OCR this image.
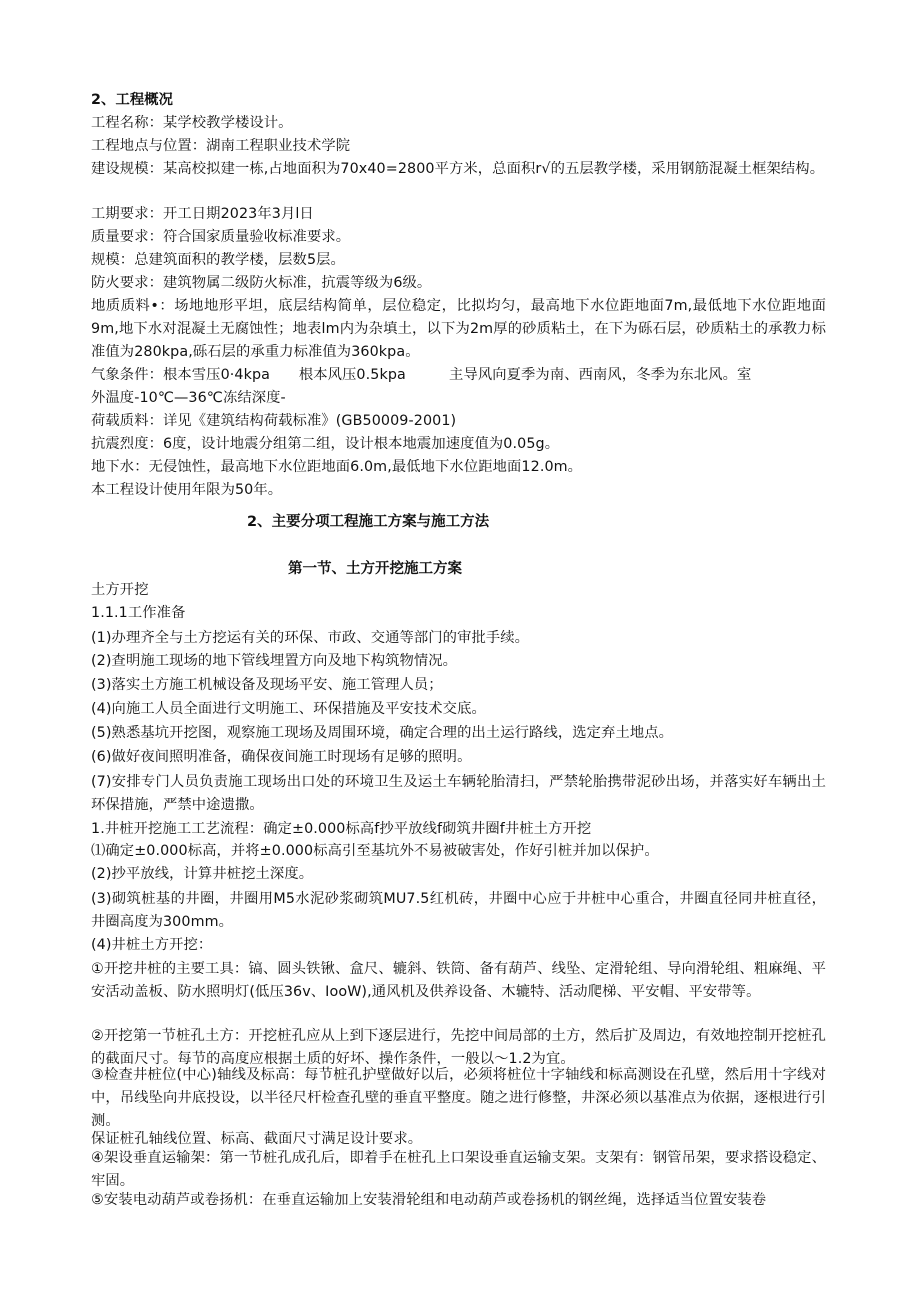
2、工程概况
工程名称：某学校教学楼设计。
工程地点与位置：湖南工程职业技术学院
建设规模：某高校拟建一栋,占地面积为70x40=2800平方米，总面积r√的五层教学楼，采用钢筋混凝土框架结构。
工期要求：开工日期2023年3月l日
质量要求：符合国家质量验收标准要求。
规模：总建筑面积的教学楼，层数5层。
防火要求：建筑物属二级防火标准，抗震等级为6级。
地质质料•：场地地形平坦，底层结构简单，层位稳定，比拟均匀，最高地下水位距地面7m,最低地下水位距地面9m,地下水对混凝土无腐蚀性；地表lm内为杂填土，以下为2m厚的砂质粘土，在下为砾石层，砂质粘土的承教力标准值为280kpa,砾石层的承重力标准值为360kpa。
气象条件：根本雪压0·4kpa　　根本风压0.5kpa　　　主导风向夏季为南、西南风，冬季为东北风。室
外温度-10℃—36℃冻结深度-
荷载质料：详见《建筑结构荷载标准》(GB50009-2001)
抗震烈度：6度，设计地震分组第二组，设计根本地震加速度值为0.05g。
地下水：无侵蚀性，最高地下水位距地面6.0m,最低地下水位距地面12.0m。
本工程设计使用年限为50年。
2、主要分项工程施工方案与施工方法
第一节、土方开挖施工方案
土方开挖
1.1.1工作准备
(1)办理齐全与土方挖运有关的环保、市政、交通等部门的审批手续。
(2)查明施工现场的地下管线埋置方向及地下构筑物情况。
(3)落实土方施工机械设备及现场平安、施工管理人员；
(4)向施工人员全面进行文明施工、环保措施及平安技术交底。
(5)熟悉基坑开挖图，观察施工现场及周围环境，确定合理的出土运行路线，选定弃土地点。
(6)做好夜间照明准备，确保夜间施工时现场有足够的照明。
(7)安排专门人员负责施工现场出口处的环境卫生及运土车辆轮胎清扫，严禁轮胎携带泥砂出场，并落实好车辆出土环保措施，严禁中途遗撒。
1.井桩开挖施工工艺流程：确定±0.000标高f抄平放线f砌筑井圈f井桩土方开挖
⑴确定±0.000标高，并将±0.000标高引至基坑外不易被破害处，作好引桩并加以保护。
(2)抄平放线，计算井桩挖土深度。
(3)砌筑桩基的井圈，井圈用M5水泥砂浆砌筑MU7.5红机砖，井圈中心应于井桩中心重合，井圈直径同井桩直径，井圈高度为300mm。
(4)井桩土方开挖：
①开挖井桩的主要工具：镐、圆头铁锹、盒尺、辘斜、铁筒、备有葫芦、线坠、定滑轮组、导向滑轮组、粗麻绳、平安活动盖板、防水照明灯(低压36v、IooW),通风机及供养设备、木辘特、活动爬梯、平安帽、平安带等。
②开挖第一节桩孔土方：开挖桩孔应从上到下逐层进行，先挖中间局部的土方，然后扩及周边，有效地控制开挖桩孔的截面尺寸。每节的高度应根据土质的好坏、操作条件，一般以～1.2为宜。
③检查井桩位(中心)轴线及标高：每节桩孔护壁做好以后，必须将桩位十字轴线和标高测设在孔壁，然后用十字线对中，吊线坠向井底投设，以半径尺杆检查孔壁的垂直平整度。随之进行修整，井深必须以基准点为依据，逐根进行引测。
保证桩孔轴线位置、标高、截面尺寸满足设计要求。
④架设垂直运输架：第一节桩孔成孔后，即着手在桩孔上口架设垂直运输支架。支架有：钢管吊架，要求搭设稳定、牢固。
⑤安装电动葫芦或卷扬机：在垂直运输加上安装滑轮组和电动葫芦或卷扬机的钢丝绳，选择适当位置安装卷
